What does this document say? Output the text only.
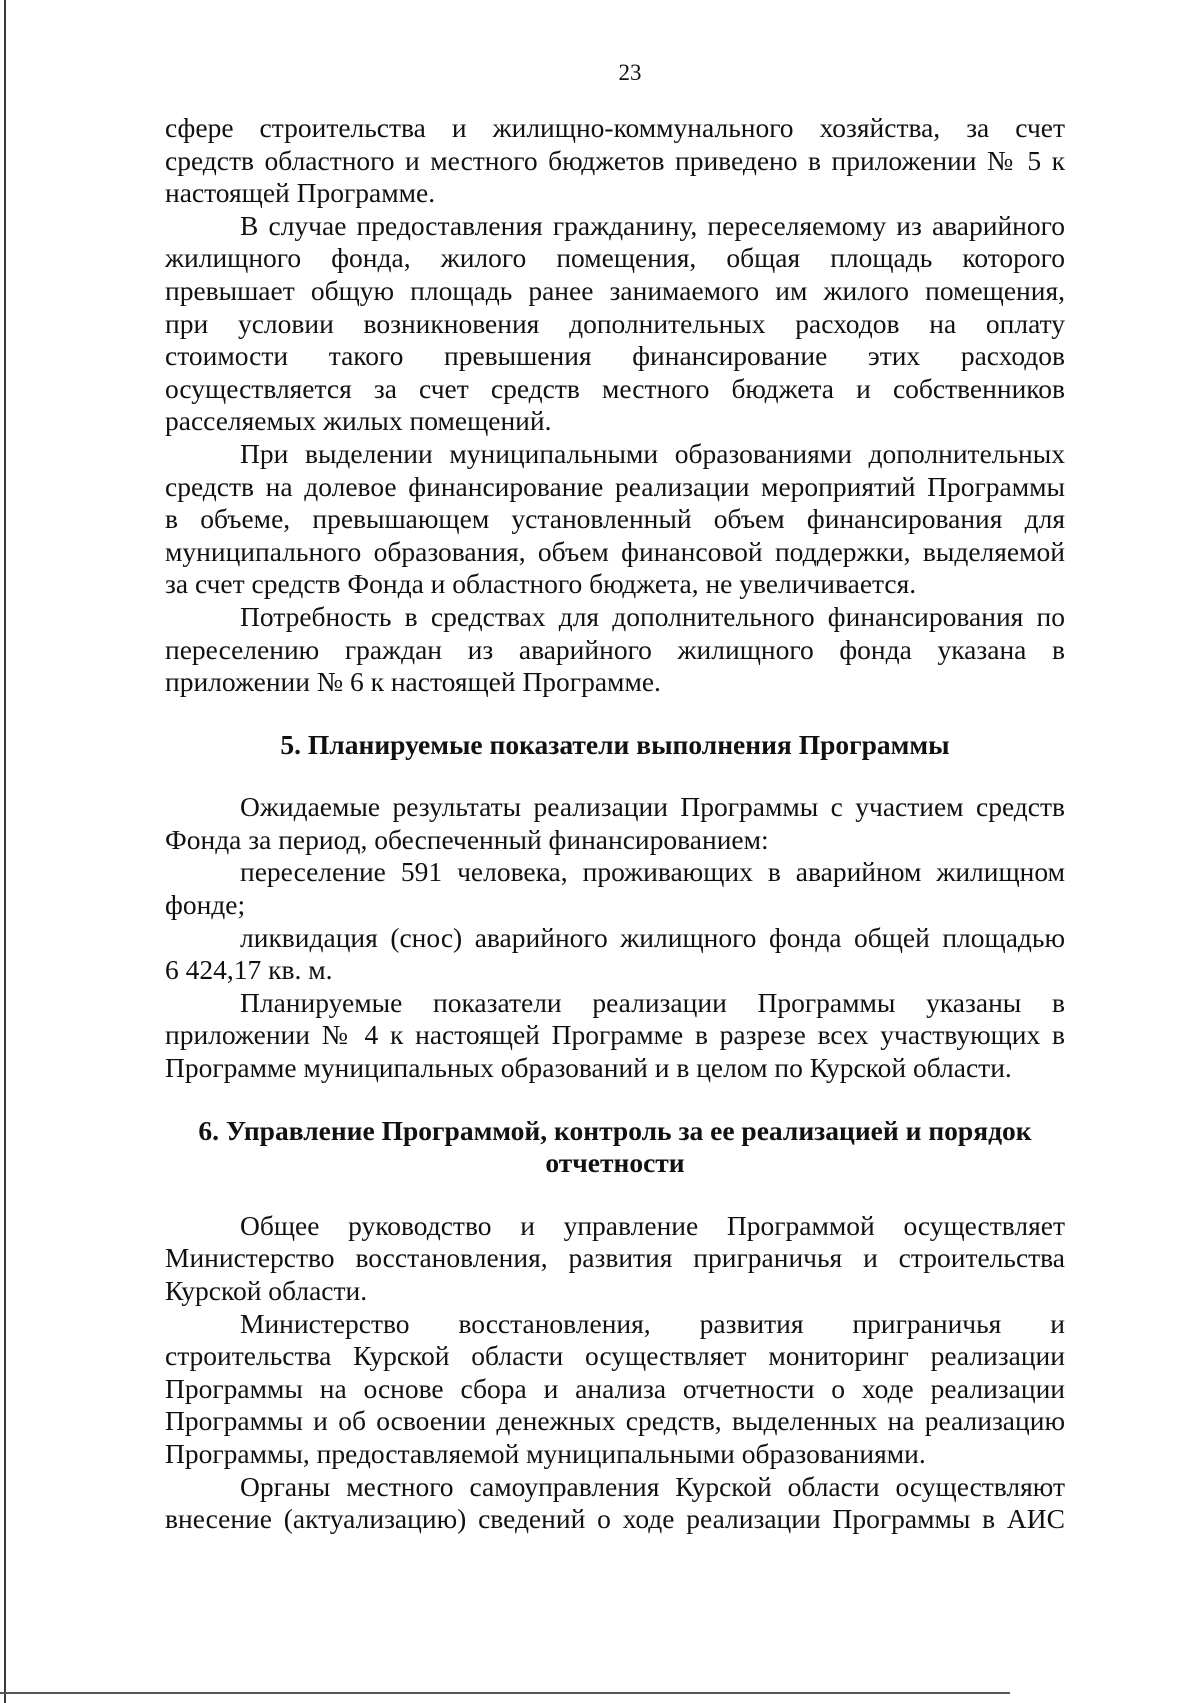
23

сфере строительства и жилищно-коммунального хозяйства, за счет
средств областного и местного бюджетов приведено в приложении № 5 к
настоящей Программе.

В случае предоставления гражданину, переселяемому из аварийного
жилищного фонда, жилого помещения, общая площадь которого
превышает общую площадь ранее занимаемого им жилого помещения,
при условии возникновения дополнительных расходов на оплату
стоимости такого превышения финансирование этих расходов
осуществляется за счет средств местного бюджета и собственников
расселяемых жилых помещений.

При выделении муниципальными образованиями дополнительных
средств на долевое финансирование реализации мероприятий Программы
в объеме, превышающем установленный объем финансирования для
муниципального образования, объем финансовой поддержки, выделяемой
за счет средств Фонда и областного бюджета, не увеличивается.

Потребность в средствах для дополнительного финансирования по
переселению граждан из аварийного жилищного фонда указана в
приложении № 6 к настоящей Программе.

5. Планируемые показатели выполнения Программы

Ожидаемые результаты реализации Программы с участием средств
Фонда за период, обеспеченный финансированием:

переселение 591 человека, проживающих в аварийном жилищном
фонде;

ликвидация (снос) аварийного жилищного фонда общей площадью
6 424,17 кв. м.

Планируемые показатели реализации Программы указаны в
приложении № 4 к настоящей Программе в разрезе всех участвующих в
Программе муниципальных образований и в целом по Курской области.

6. Управление Программой, контроль за ее реализацией и порядок
отчетности

Общее руководство и управление Программой осуществляет
Министерство восстановления, развития приграничья и строительства
Курской области.

Министерство восстановления, развития приграничья и
строительства Курской области осуществляет мониторинг реализации
Программы на основе сбора и анализа отчетности о ходе реализации
Программы и об освоении денежных средств, выделенных на реализацию
Программы, предоставляемой муниципальными образованиями.

Органы местного самоуправления Курской области осуществляют
внесение (актуализацию) сведений о ходе реализации Программы в АИС
